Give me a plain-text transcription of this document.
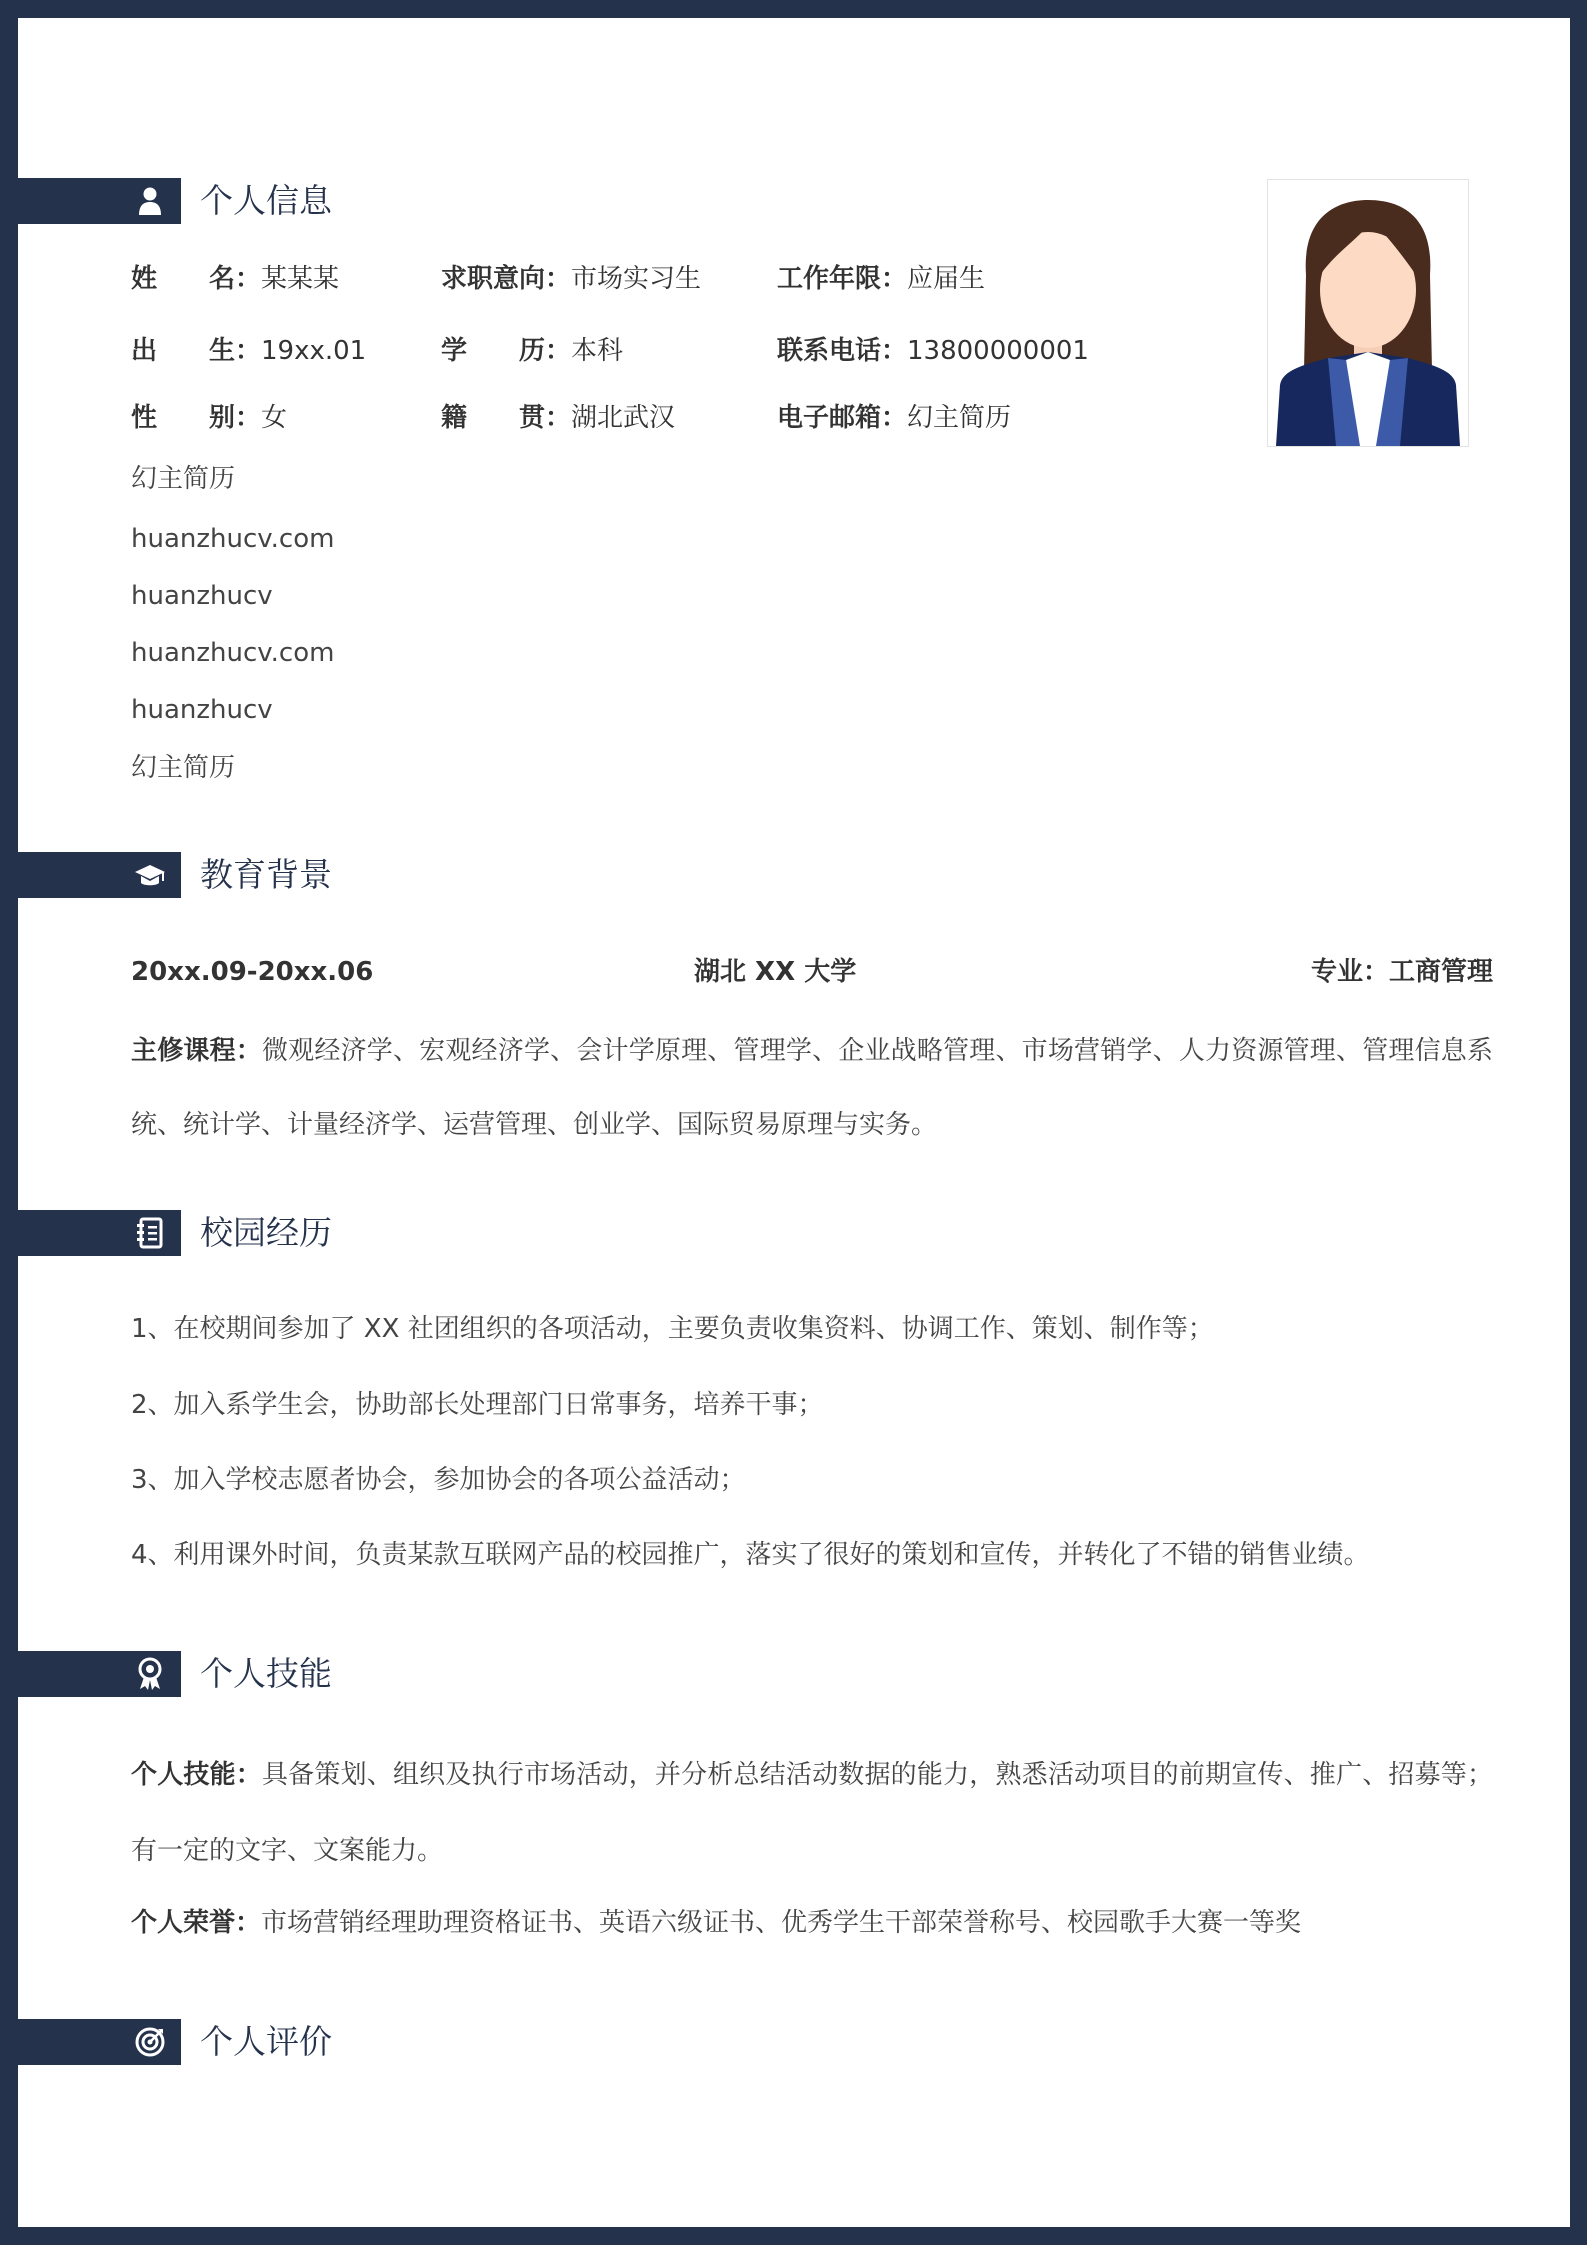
个人信息
姓　　名：某某某	求职意向：市场实习生	工作年限：应届生
出　　生：19xx.01	学　　历：本科	联系电话：13800000001
性　　别：女	籍　　贯：湖北武汉	电子邮箱：幻主简历
幻主简历
huanzhucv.com
huanzhucv
huanzhucv.com
huanzhucv
幻主简历
教育背景
20xx.09-20xx.06	湖北 XX 大学	专业：工商管理
主修课程：微观经济学、宏观经济学、会计学原理、管理学、企业战略管理、市场营销学、人力资源管理、管理信息系统、统计学、计量经济学、运营管理、创业学、国际贸易原理与实务。
校园经历
1、在校期间参加了 XX 社团组织的各项活动，主要负责收集资料、协调工作、策划、制作等；
2、加入系学生会，协助部长处理部门日常事务，培养干事；
3、加入学校志愿者协会，参加协会的各项公益活动；
4、利用课外时间，负责某款互联网产品的校园推广，落实了很好的策划和宣传，并转化了不错的销售业绩。
个人技能
个人技能：具备策划、组织及执行市场活动，并分析总结活动数据的能力，熟悉活动项目的前期宣传、推广、招募等；有一定的文字、文案能力。
个人荣誉：市场营销经理助理资格证书、英语六级证书、优秀学生干部荣誉称号、校园歌手大赛一等奖
个人评价
